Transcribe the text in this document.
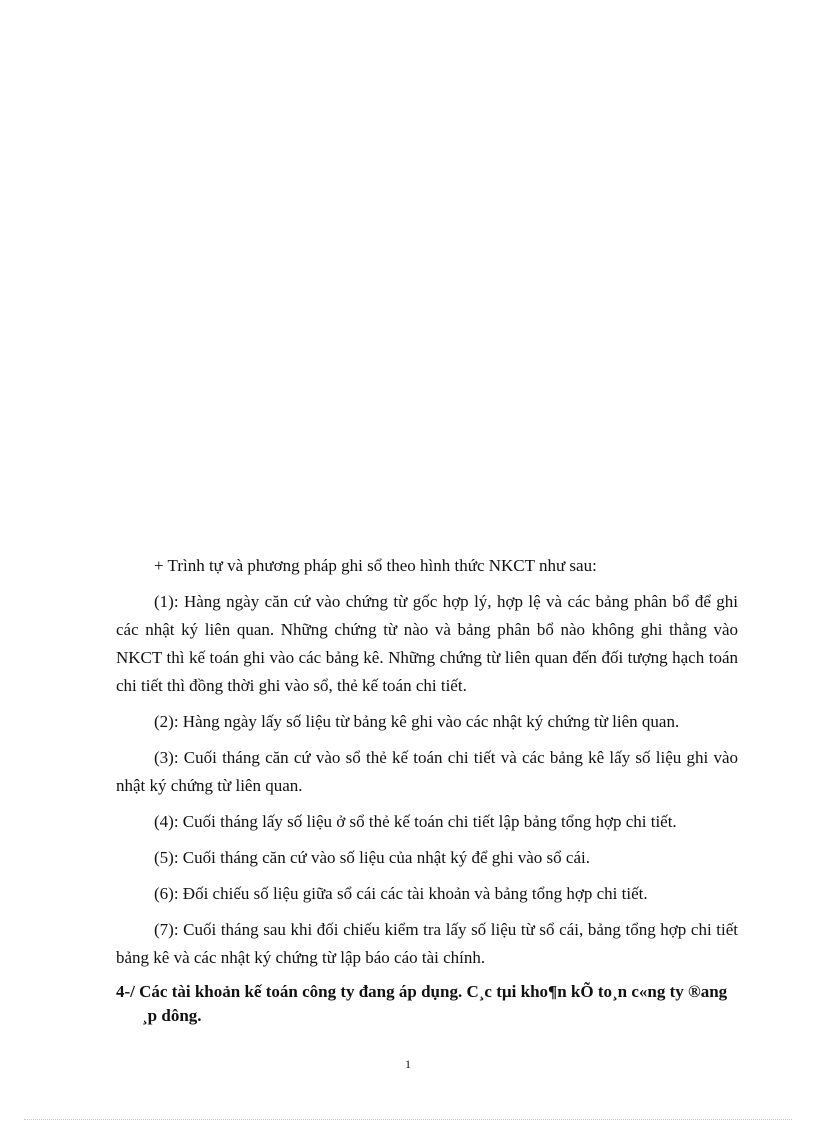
+ Trình tự và phương pháp ghi sổ theo hình thức NKCT như sau:

(1): Hàng ngày căn cứ vào chứng từ gốc hợp lý, hợp lệ và các bảng phân bổ để ghi các nhật ký liên quan. Những chứng từ nào và bảng phân bổ nào không ghi thẳng vào NKCT thì kế toán ghi vào các bảng kê. Những chứng từ liên quan đến đối tượng hạch toán chi tiết thì đồng thời ghi vào sổ, thẻ kế toán chi tiết.

(2): Hàng ngày lấy số liệu từ bảng kê ghi vào các nhật ký chứng từ liên quan.

(3): Cuối tháng căn cứ vào sổ thẻ kế toán chi tiết và các bảng kê lấy số liệu ghi vào nhật ký chứng từ liên quan.

(4): Cuối tháng lấy số liệu ở sổ thẻ kế toán chi tiết lập bảng tổng hợp chi tiết.

(5): Cuối tháng căn cứ vào số liệu của nhật ký để ghi vào sổ cái.

(6): Đối chiếu số liệu giữa sổ cái các tài khoản và bảng tổng hợp chi tiết.

(7): Cuối tháng sau khi đối chiếu kiểm tra lấy số liệu từ sổ cái, bảng tổng hợp chi tiết bảng kê và các nhật ký chứng từ lập báo cáo tài chính.

4-/ Các tài khoản kế toán công ty đang áp dụng. C¸c tµi kho¶n kÕ to¸n c«ng ty ®ang ¸p dông.

1
